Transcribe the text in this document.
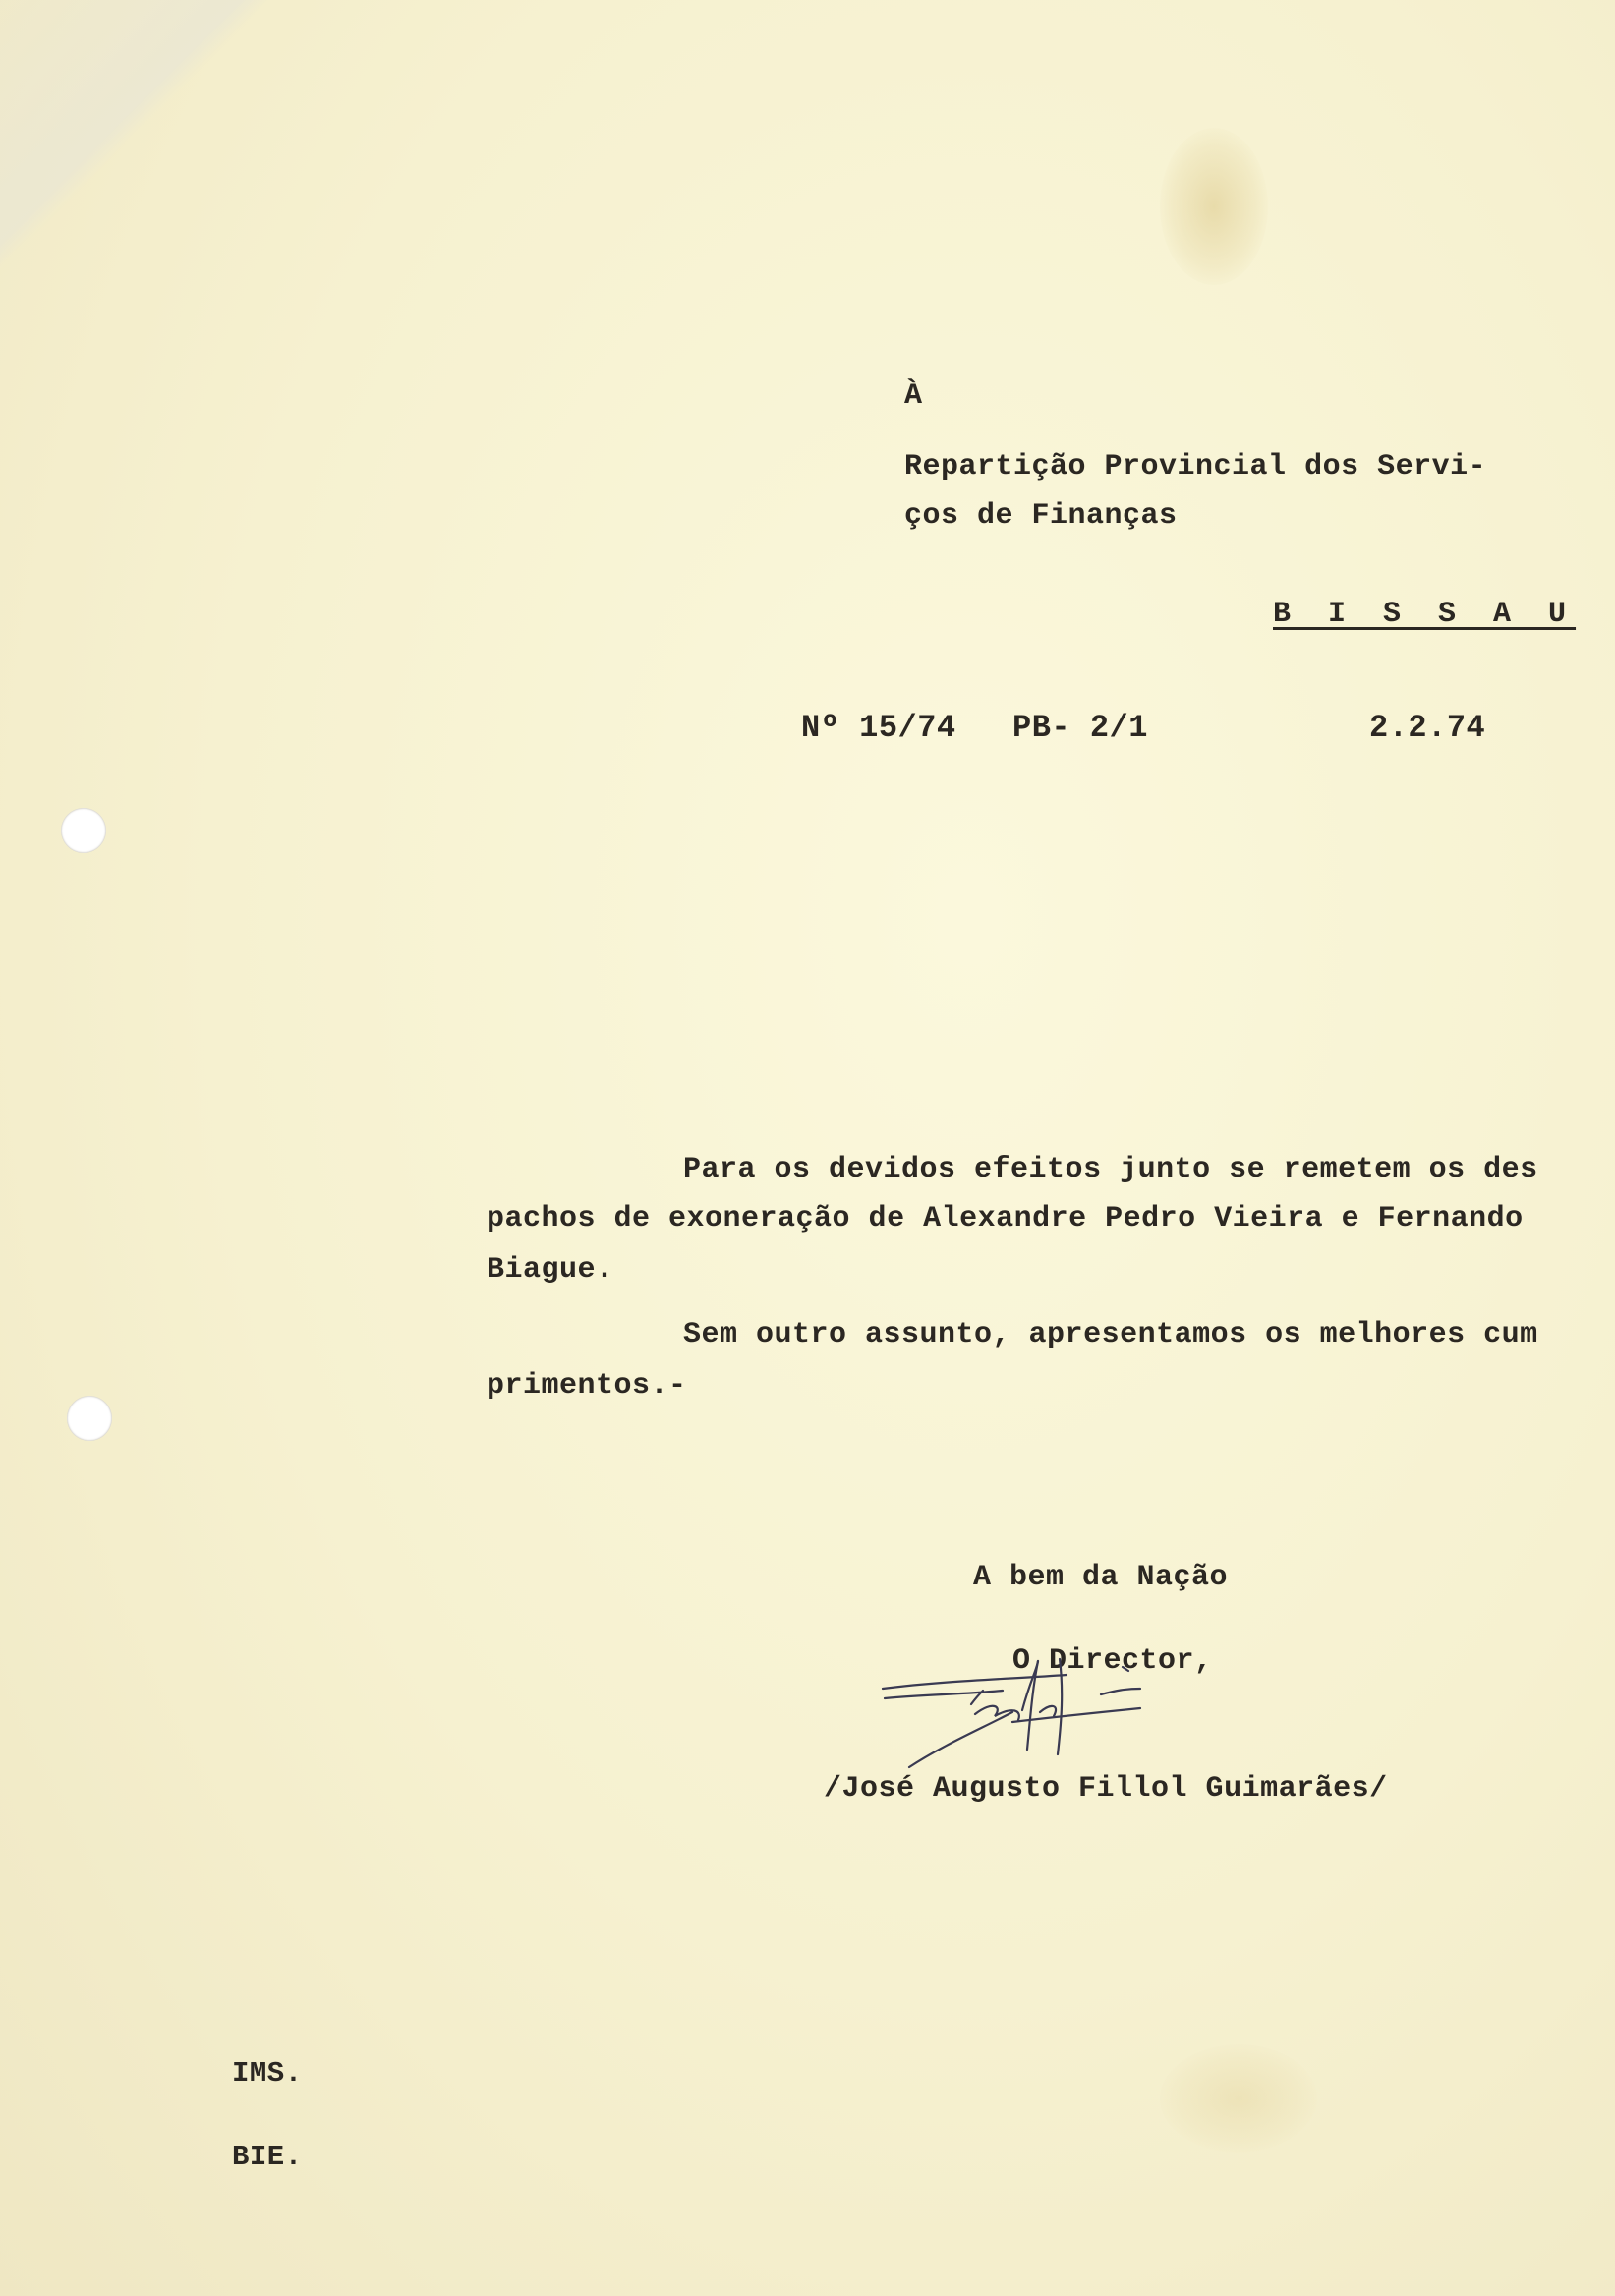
À
Repartição Provincial dos Servi-
ços de Finanças
B I S S A U
Nº 15/74 PB- 2/1	2.2.74
Para os devidos efeitos junto se remetem os des
pachos de exoneração de Alexandre Pedro Vieira e Fernando
Biague.
Sem outro assunto, apresentamos os melhores cum
primentos.-
A bem da Nação
O Director,
/José Augusto Fillol Guimarães/
IMS.
BIE.
